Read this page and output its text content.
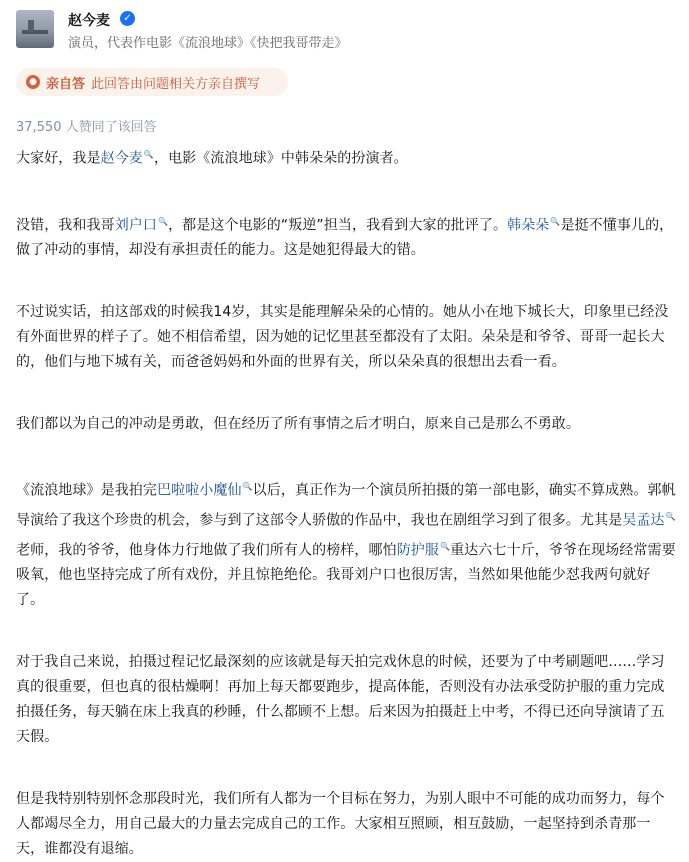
赵今麦	✓
演员，代表作电影《流浪地球》《快把我哥带走》
● 亲自答 此回答由问题相关方亲自撰写
37,550 人赞同了该回答

大家好，我是赵今麦🔍，电影《流浪地球》中韩朵朵的扮演者。

没错，我和我哥刘户口🔍，都是这个电影的“叛逆”担当，我看到大家的批评了。韩朵朵🔍是挺不懂事儿的，做了冲动的事情，却没有承担责任的能力。这是她犯得最大的错。

不过说实话，拍这部戏的时候我14岁，其实是能理解朵朵的心情的。她从小在地下城长大，印象里已经没有外面世界的样子了。她不相信希望，因为她的记忆里甚至都没有了太阳。朵朵是和爷爷、哥哥一起长大的，他们与地下城有关，而爸爸妈妈和外面的世界有关，所以朵朵真的很想出去看一看。

我们都以为自己的冲动是勇敢，但在经历了所有事情之后才明白，原来自己是那么不勇敢。

《流浪地球》是我拍完巴啦啦小魔仙🔍以后，真正作为一个演员所拍摄的第一部电影，确实不算成熟。郭帆导演给了我这个珍贵的机会，参与到了这部令人骄傲的作品中，我也在剧组学习到了很多。尤其是吴孟达🔍老师，我的爷爷，他身体力行地做了我们所有人的榜样，哪怕防护服🔍重达六七十斤，爷爷在现场经常需要吸氧，他也坚持完成了所有戏份，并且惊艳绝伦。我哥刘户口也很厉害，当然如果他能少怼我两句就好了。

对于我自己来说，拍摄过程记忆最深刻的应该就是每天拍完戏休息的时候，还要为了中考刷题吧……学习真的很重要，但也真的很枯燥啊！再加上每天都要跑步，提高体能，否则没有办法承受防护服的重力完成拍摄任务，每天躺在床上我真的秒睡，什么都顾不上想。后来因为拍摄赶上中考，不得已还向导演请了五天假。

但是我特别特别怀念那段时光，我们所有人都为一个目标在努力，为别人眼中不可能的成功而努力，每个人都竭尽全力，用自己最大的力量去完成自己的工作。大家相互照顾，相互鼓励，一起坚持到杀青那一天，谁都没有退缩。
